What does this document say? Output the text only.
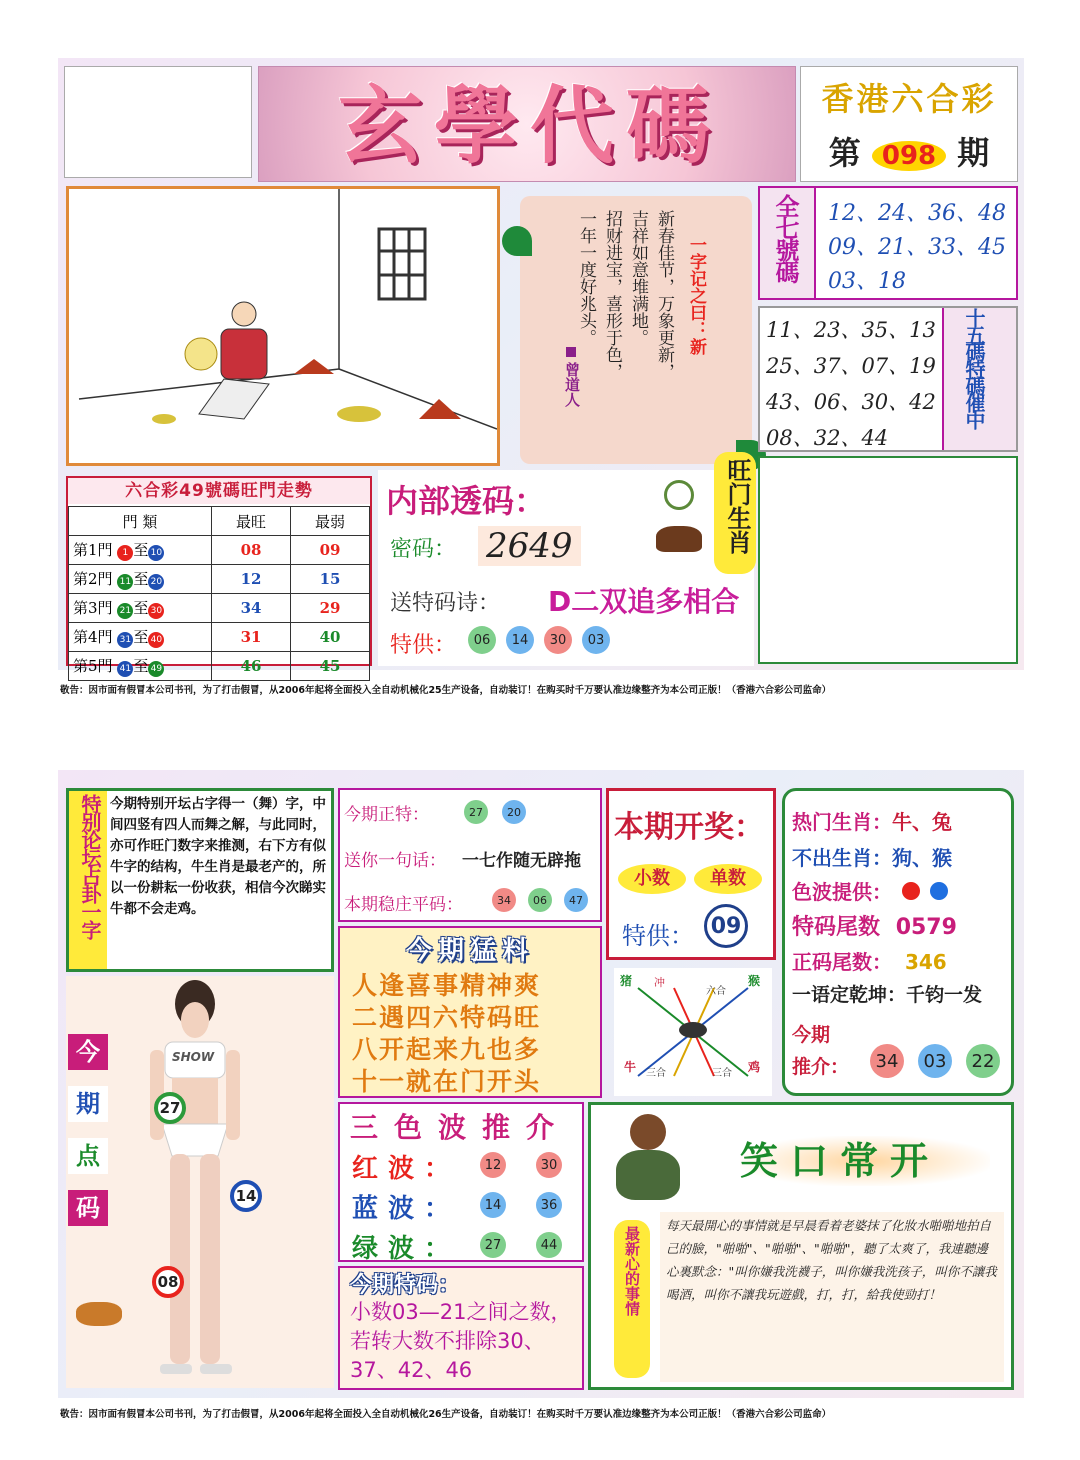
玄學代碼	香港六合彩
第 098 期
一字记之曰：新
新春佳节，万象更新，
吉祥如意堆满地。
招财进宝，喜形于色，
一年一度好兆头。
曾道人
全七號碼 12、24、36、48
09、21、33、45
03、18
十五碼特碼催中
11、23、35、13
25、37、07、19
43、06、30、42
08、32、44
六合彩49號碼旺門走勢
門 類	最旺	最弱
第1門 1 至 10	08	09
第2門 11 至 20	12	15
第3門 21 至 30	34	29
第4門 31 至 40	31	40
第5門 41 至 49	46	45
内部透码：	旺门生肖
密码： 2649
送特码诗： D二双追多相合
特供：	06	14	30	03
敬告：因市面有假冒本公司书刊，为了打击假冒，从2006年起将全面投入全自动机械化25生产设备，自动装订！在购买时千万要认准边缘整齐为本公司正版！（香港六合彩公司监命）
特别论坛占卦一字 今期特别开坛占字得一（舞）字，中间四竖有四人而舞之解，与此同时，亦可作旺门数字来推测，右下方有似牛字的结构，牛生肖是最老产的，所以一份耕耘一份收获，相信今次睇实牛都不会走鸡。
今期正特：	27	20
送你一句话： 一七作随无辟拖
本期稳庄平码：	34	06	47
今期猛料
人逢喜事精神爽
二遇四六特码旺
八开起来九也多
十一就在门开头
本期开奖：
小数	单数
特供： 09
猪 冲
六合
猴
牛 三合	三合 鸡
热门生肖：牛、兔
不出生肖：狗、猴
色波提供：
特码尾数 0579
正码尾数： 346
一语定乾坤：千钧一发
今期
推介：	34	03	22
今
期
点
码
SHOW
27
14
08
三色波推介
红波：	12	30
蓝波：	14	36
绿波：	27	44
今期特码：
小数03—21之间之数，若转大数不排除30、37、42、46
笑口常开
最新心的事情
每天最開心的事情就是早晨看着老婆抹了化妝水啪啪地拍自己的臉，"啪啪"、"啪啪"、"啪啪"，聽了太爽了，我連聽邊心裏默念："叫你嫌我洗襪子，叫你嫌我洗孩子，叫你不讓我喝酒，叫你不讓我玩遊戲，打，打，給我使勁打！
敬告：因市面有假冒本公司书刊，为了打击假冒，从2006年起将全面投入全自动机械化26生产设备，自动装订！在购买时千万要认准边缘整齐为本公司正版！（香港六合彩公司监命）
